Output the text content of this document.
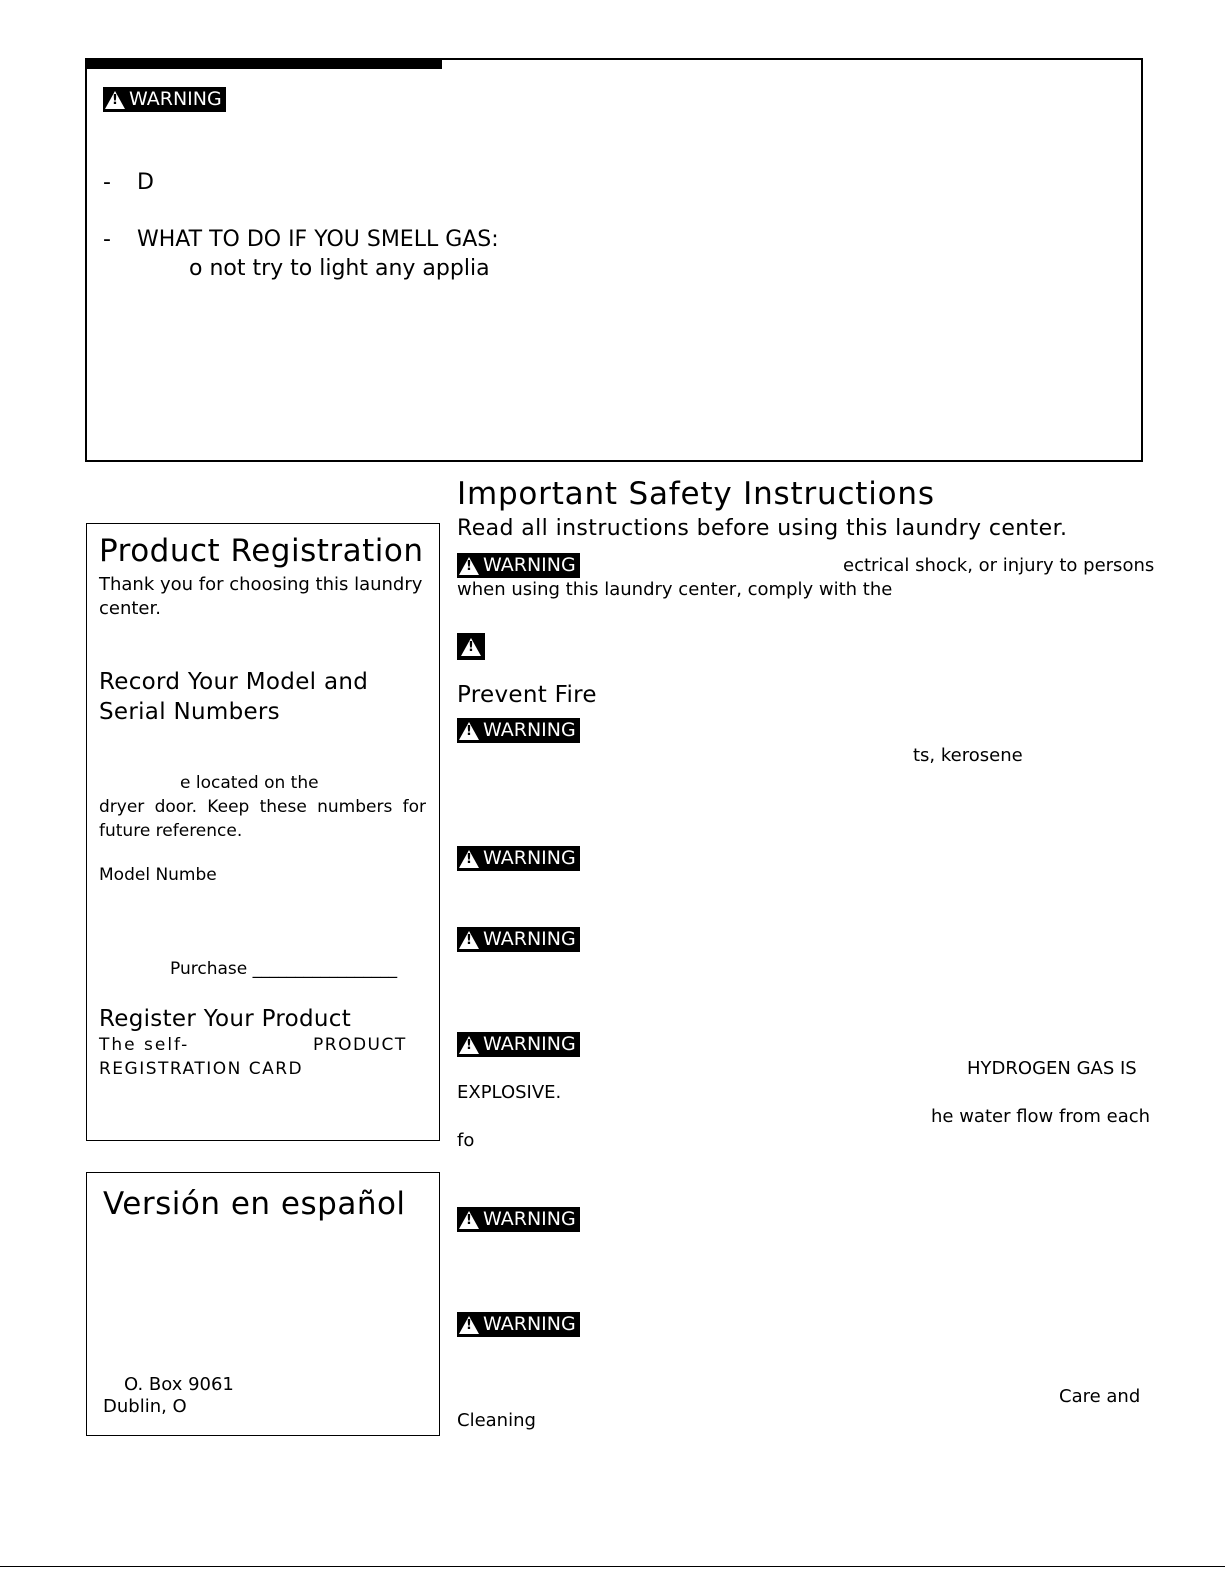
!
WARNING
- D
- WHAT TO DO IF YOU SMELL GAS:
o not try to light any applia
Product Registration
Thank you for choosing this laundry center.
Record Your Model and Serial Numbers
e located on the
dryer door. Keep these numbers for
future reference.
Model Numbe
Purchase _________________
Register Your Product
The self-	PRODUCT
REGISTRATION CARD
Versión en español
O. Box 9061
Dublin, O
Important Safety Instructions
Read all instructions before using this laundry center.
!
WARNING	ectrical shock, or injury to persons
when using this laundry center, comply with the
!
Prevent Fire
!
WARNING
ts, kerosene
!
WARNING
!
WARNING
!
WARNING
HYDROGEN GAS IS
EXPLOSIVE.
he water flow from each
fo
!
WARNING
!
WARNING
Care and
Cleaning
